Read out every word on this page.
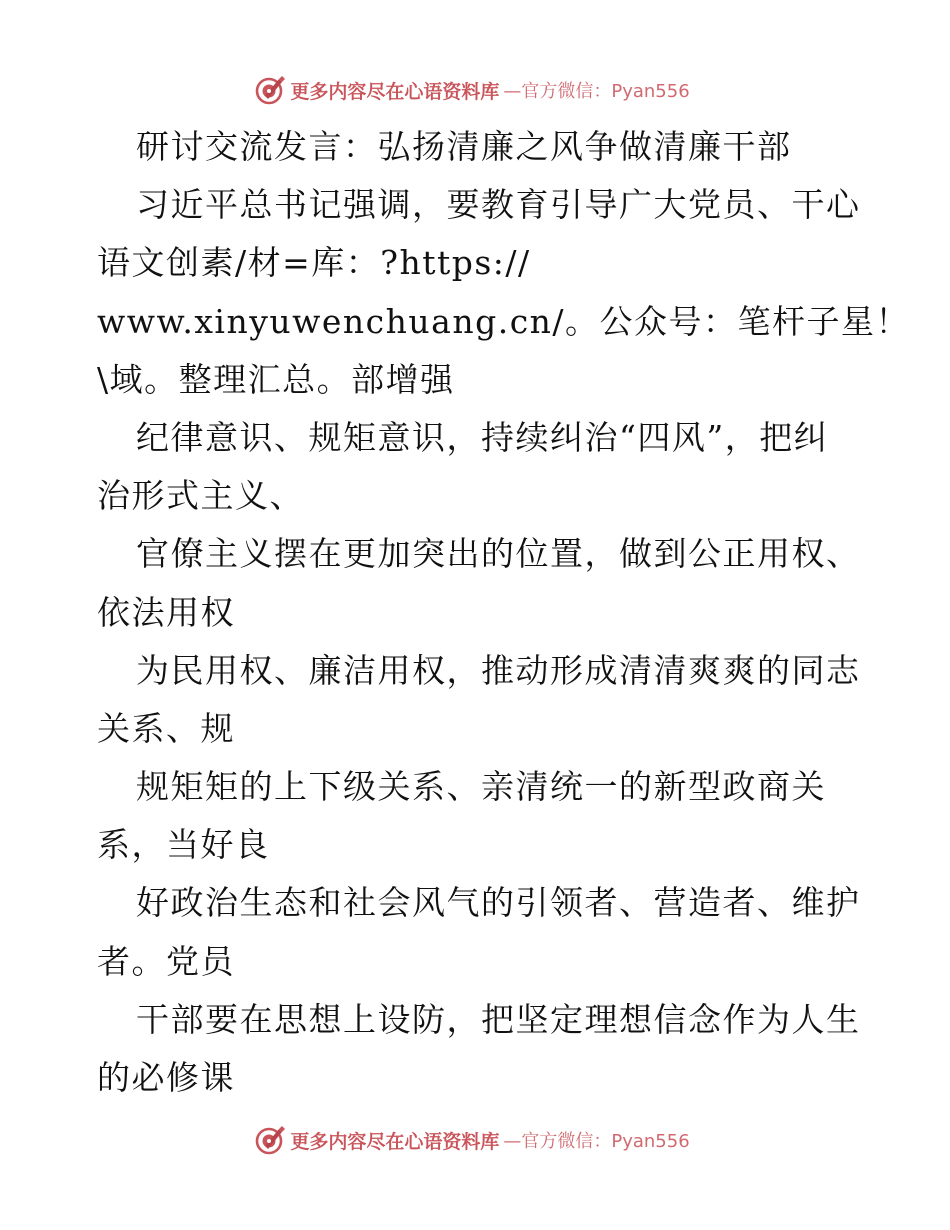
更多内容尽在心语资料库 —官方微信：Pyan556
研讨交流发言：弘扬清廉之风争做清廉干部
习近平总书记强调，要教育引导广大党员、干心
语文创素/材=库：?https://
www.xinyuwenchuang.cn/。公众号：笔杆子星！
\域。整理汇总。部增强
纪律意识、规矩意识，持续纠治“四风”，把纠
治形式主义、
官僚主义摆在更加突出的位置，做到公正用权、
依法用权
为民用权、廉洁用权，推动形成清清爽爽的同志
关系、规
规矩矩的上下级关系、亲清统一的新型政商关
系，当好良
好政治生态和社会风气的引领者、营造者、维护
者。党员
干部要在思想上设防，把坚定理想信念作为人生
的必修课
更多内容尽在心语资料库 —官方微信：Pyan556
